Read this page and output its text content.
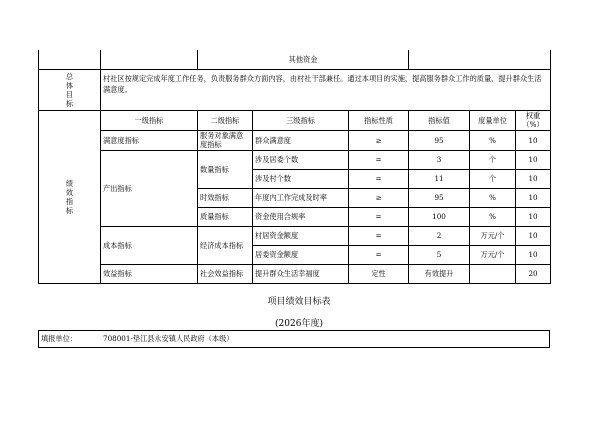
		其他资金					

总
体
目
标	村社区按规定完成年度工作任务，负责服务群众方面内容，由村社干部兼任。通过本项目的实施，提高服务群众工作的质量，提升群众生活满意度。						

绩
效
指
标	一级指标	二级指标	三级指标	指标性质	指标值	度量单位	权重（%）
	满意度指标	服务对象满意度指标	群众满意度	≥	95	%	10
	产出指标	数量指标	涉及居委个数	=	3	个	10
			涉及村个数	=	11	个	10
		时效指标	年度内工作完成及时率	≥	95	%	10
		质量指标	资金使用合规率	=	100	%	10
	成本指标	经济成本指标	村居资金额度	=	2	万元/个	10
			居委资金额度	=	5	万元/个	10
	效益指标	社会效益指标	提升群众生活幸福度	定性	有效提升		20
项目绩效目标表
(2026年度)
填报单位：	708001-垫江县永安镇人民政府（本级）
